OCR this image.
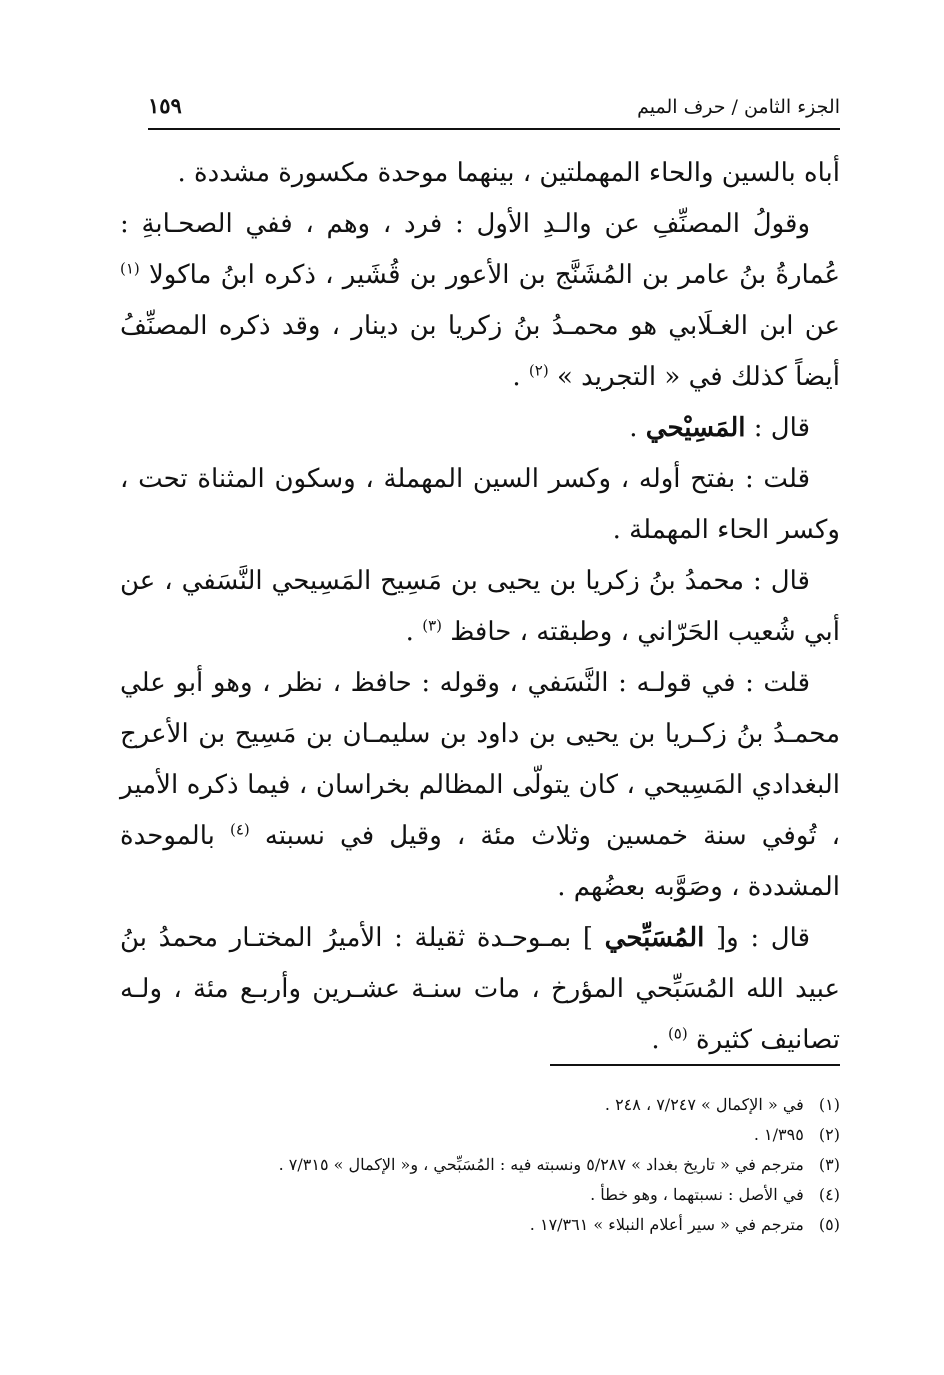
الجزء الثامن / حرف الميم
١٥٩

أباه بالسين والحاء المهملتين ، بينهما موحدة مكسورة مشددة .

وقولُ المصنِّفِ عن والـدِ الأول : فرد ، وهم ، ففي الصحـابةِ : عُمارةُ بنُ عامر بن المُشَنَّج بن الأعور بن قُشَير ، ذكره ابنُ ماكولا $^{(١)}$ عن ابن الغـلَابي هو محمـدُ بنُ زكريا بن دينار ، وقد ذكره المصنِّفُ أيضاً كذلك في « التجريد » $^{(٢)}$ .

قال : المَسِيْحي .

قلت : بفتح أوله ، وكسر السين المهملة ، وسكون المثناة تحت ، وكسر الحاء المهملة .

قال : محمدُ بنُ زكريا بن يحيى بن مَسِيح المَسِيحي النَّسَفي ، عن أبي شُعيب الحَرّاني ، وطبقته ، حافظ $^{(٣)}$ .

قلت : في قولـه : النَّسَفي ، وقوله : حافظ ، نظر ، وهو أبو علي محمـدُ بنُ زكـريا بن يحيى بن داود بن سليمـان بن مَسِيح بن الأعرج البغدادي المَسِيحي ، كان يتولّى المظالم بخراسان ، فيما ذكره الأمير ، تُوفي سنة خمسين وثلاث مئة ، وقيل في نسبته $^{(٤)}$ بالموحدة المشددة ، وصَوَّبه بعضُهم .

قال : و[ المُسَبِّحي ] بمـوحـدة ثقيلة : الأميرُ المختـار محمدُ بنُ عبيد الله المُسَبِّحي المؤرخ ، مات سنـة عشـرين وأربـع مئة ، ولـه تصانيف كثيرة $^{(٥)}$ .

(١) في « الإكمال » ٧/٢٤٧ ، ٢٤٨ .

(٢) ١/٣٩٥ .

(٣) مترجم في « تاريخ بغداد » ٥/٢٨٧ ونسبته فيه : المُسَبِّحي ، و« الإكمال » ٧/٣١٥ .

(٤) في الأصل : نسبتهما ، وهو خطأ .

(٥) مترجم في « سير أعلام النبلاء » ١٧/٣٦١ .
